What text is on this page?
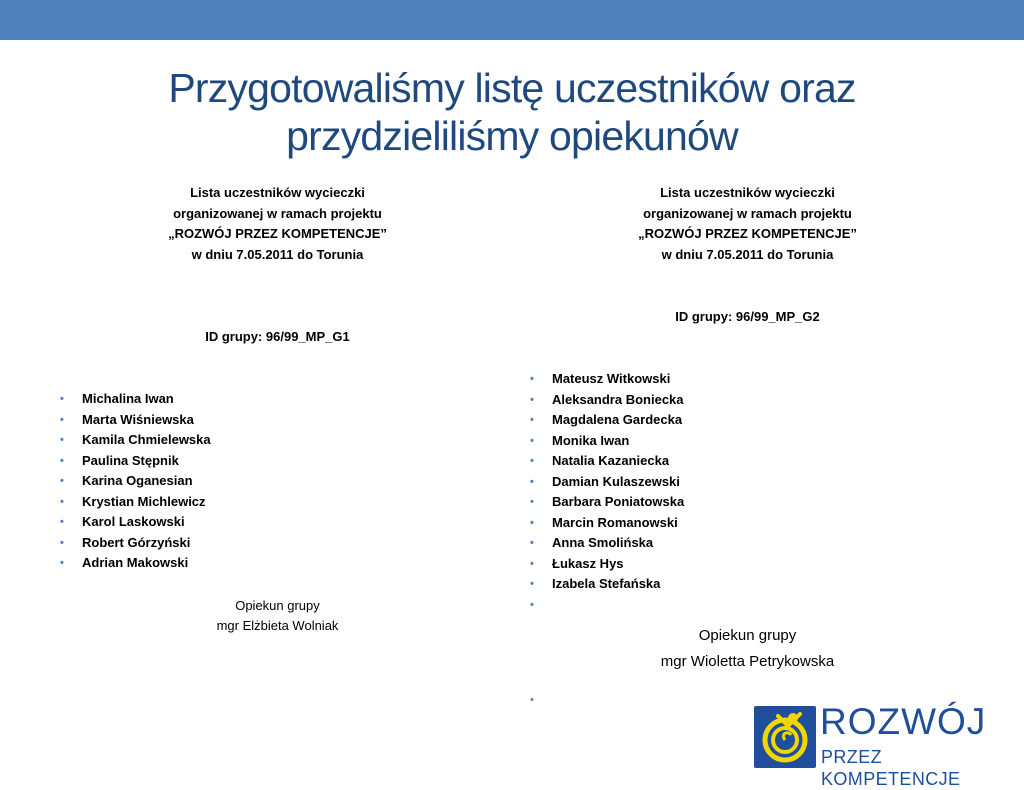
Przygotowaliśmy listę uczestników oraz
przydzieliliśmy opiekunów
Lista uczestników wycieczki
organizowanej w ramach projektu
„ROZWÓJ PRZEZ KOMPETENCJE”
w dniu 7.05.2011 do Torunia
ID grupy: 96/99_MP_G1
• Michalina Iwan
• Marta Wiśniewska
• Kamila Chmielewska
• Paulina Stępnik
• Karina Oganesian
• Krystian Michlewicz
• Karol Laskowski
• Robert Górzyński
• Adrian Makowski
Opiekun grupy
mgr Elżbieta Wolniak
Lista uczestników wycieczki
organizowanej w ramach projektu
„ROZWÓJ PRZEZ KOMPETENCJE”
w dniu 7.05.2011 do Torunia
ID grupy: 96/99_MP_G2
• Mateusz Witkowski
• Aleksandra Boniecka
• Magdalena Gardecka
• Monika Iwan
• Natalia Kazaniecka
• Damian Kulaszewski
• Barbara Poniatowska
• Marcin Romanowski
• Anna Smolińska
• Łukasz Hys
• Izabela Stefańska
•
Opiekun grupy
mgr Wioletta Petrykowska
•
ROZWÓJ
PRZEZ KOMPETENCJE
